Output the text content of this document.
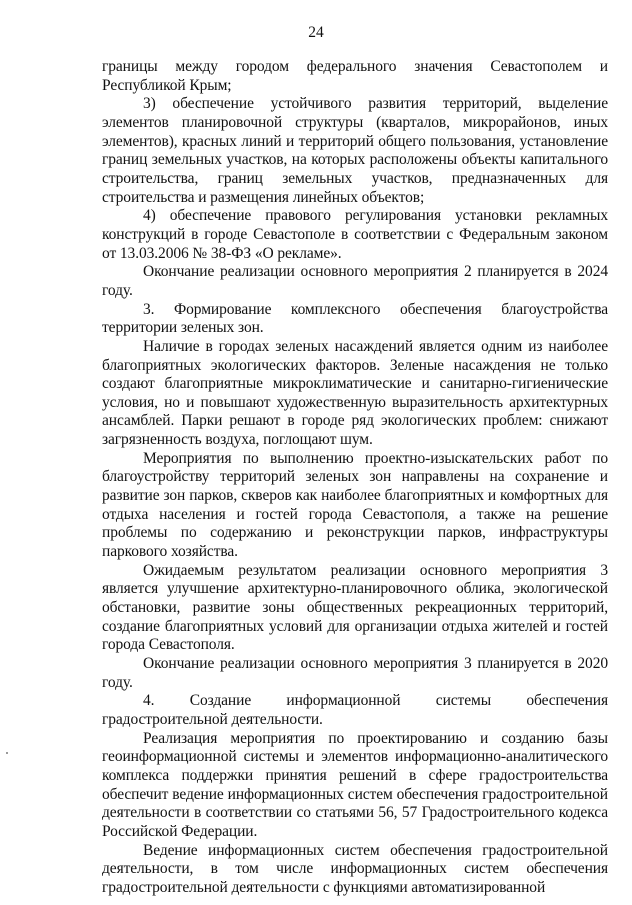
24

границы между городом федерального значения Севастополем и Республикой Крым;

3) обеспечение устойчивого развития территорий, выделение элементов планировочной структуры (кварталов, микрорайонов, иных элементов), красных линий и территорий общего пользования, установление границ земельных участков, на которых расположены объекты капитального строительства, границ земельных участков, предназначенных для строительства и размещения линейных объектов;

4) обеспечение правового регулирования установки рекламных конструкций в городе Севастополе в соответствии с Федеральным законом от 13.03.2006 № 38-ФЗ «О рекламе».

Окончание реализации основного мероприятия 2 планируется в 2024 году.

3. Формирование комплексного обеспечения благоустройства территории зеленых зон.

Наличие в городах зеленых насаждений является одним из наиболее благоприятных экологических факторов. Зеленые насаждения не только создают благоприятные микроклиматические и санитарно-гигиенические условия, но и повышают художественную выразительность архитектурных ансамблей. Парки решают в городе ряд экологических проблем: снижают загрязненность воздуха, поглощают шум.

Мероприятия по выполнению проектно-изыскательских работ по благоустройству территорий зеленых зон направлены на сохранение и развитие зон парков, скверов как наиболее благоприятных и комфортных для отдыха населения и гостей города Севастополя, а также на решение проблемы по содержанию и реконструкции парков, инфраструктуры паркового хозяйства.

Ожидаемым результатом реализации основного мероприятия 3 является улучшение архитектурно-планировочного облика, экологической обстановки, развитие зоны общественных рекреационных территорий, создание благоприятных условий для организации отдыха жителей и гостей города Севастополя.

Окончание реализации основного мероприятия 3 планируется в 2020 году.

4. Создание информационной системы обеспечения градостроительной деятельности.

Реализация мероприятия по проектированию и созданию базы геоинформационной системы и элементов информационно-аналитического комплекса поддержки принятия решений в сфере градостроительства обеспечит ведение информационных систем обеспечения градостроительной деятельности в соответствии со статьями 56, 57 Градостроительного кодекса Российской Федерации.

Ведение информационных систем обеспечения градостроительной деятельности, в том числе информационных систем обеспечения градостроительной деятельности с функциями автоматизированной
